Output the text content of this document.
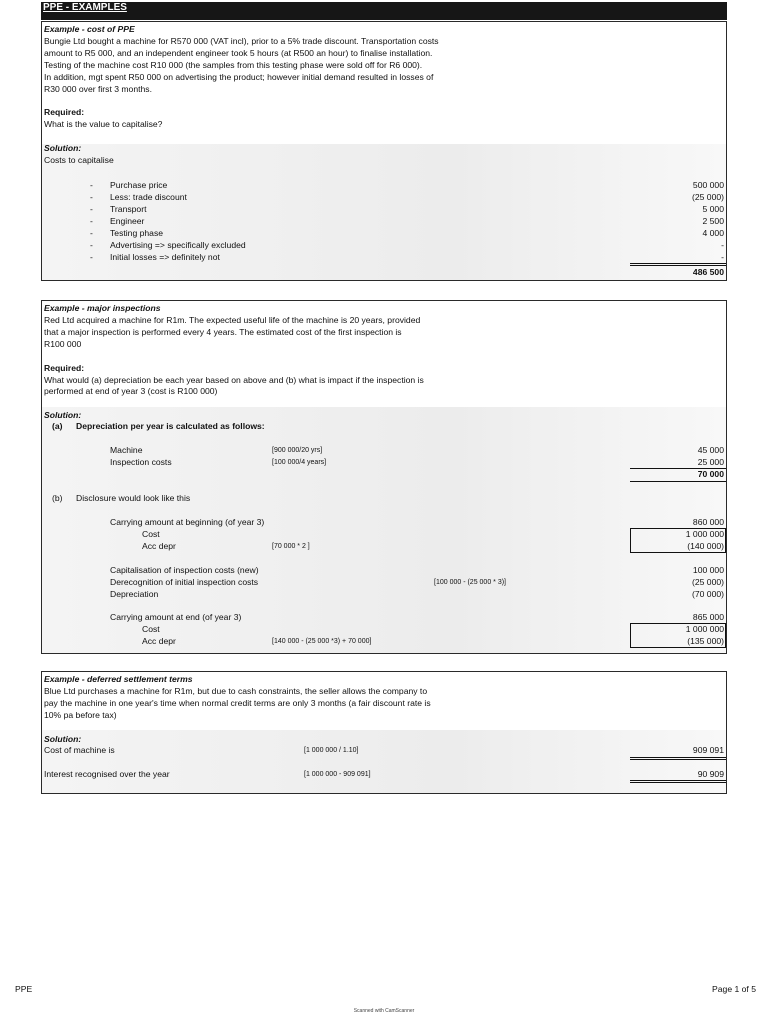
PPE - EXAMPLES

Example - cost of PPE

Bungie Ltd bought a machine for R570 000 (VAT incl), prior to a 5% trade discount. Transportation costs

amount to R5 000, and an independent engineer took 5 hours (at R500 an hour) to finalise installation.

Testing of the machine cost R10 000 (the samples from this testing phase were sold off for R6 000).

In addition, mgt spent R50 000 on advertising the product; however initial demand resulted in losses of

R30 000 over first 3 months.

Required:

What is the value to capitalise?

Solution:

Costs to capitalise

- Purchase price	500 000
- Less: trade discount	(25 000)
- Transport	5 000
- Engineer	2 500
- Testing phase	4 000
- Advertising => specifically excluded	-
- Initial losses => definitely not	-
486 500

Example - major inspections

Red Ltd acquired a machine for R1m. The expected useful life of the machine is 20 years, provided

that a major inspection is performed every 4 years. The estimated cost of the first inspection is

R100 000

Required:

What would (a) depreciation be each year based on above and (b) what is impact if the inspection is

performed at end of year 3 (cost is R100 000)

Solution:

(a) Depreciation per year is calculated as follows:
Machine	[900 000/20 yrs]	45 000
Inspection costs	[100 000/4 years]	25 000
70 000
(b) Disclosure would look like this
Carrying amount at beginning (of year 3)	860 000
Cost	1 000 000
Acc depr	[70 000 * 2 ]	(140 000)
Capitalisation of inspection costs (new)	100 000
Derecognition of initial inspection costs	[100 000 - (25 000 * 3)]	(25 000)
Depreciation	(70 000)
Carrying amount at end (of year 3)	865 000
Cost	1 000 000
Acc depr	[140 000 - (25 000 *3) + 70 000]	(135 000)

Example - deferred settlement terms

Blue Ltd purchases a machine for R1m, but due to cash constraints, the seller allows the company to

pay the machine in one year's time when normal credit terms are only 3 months (a fair discount rate is

10% pa before tax)

Solution:

Cost of machine is	[1 000 000 / 1.10]	909 091
Interest recognised over the year	[1 000 000 - 909 091]	90 909
PPE	Page 1 of 5
Scanned with CamScanner
